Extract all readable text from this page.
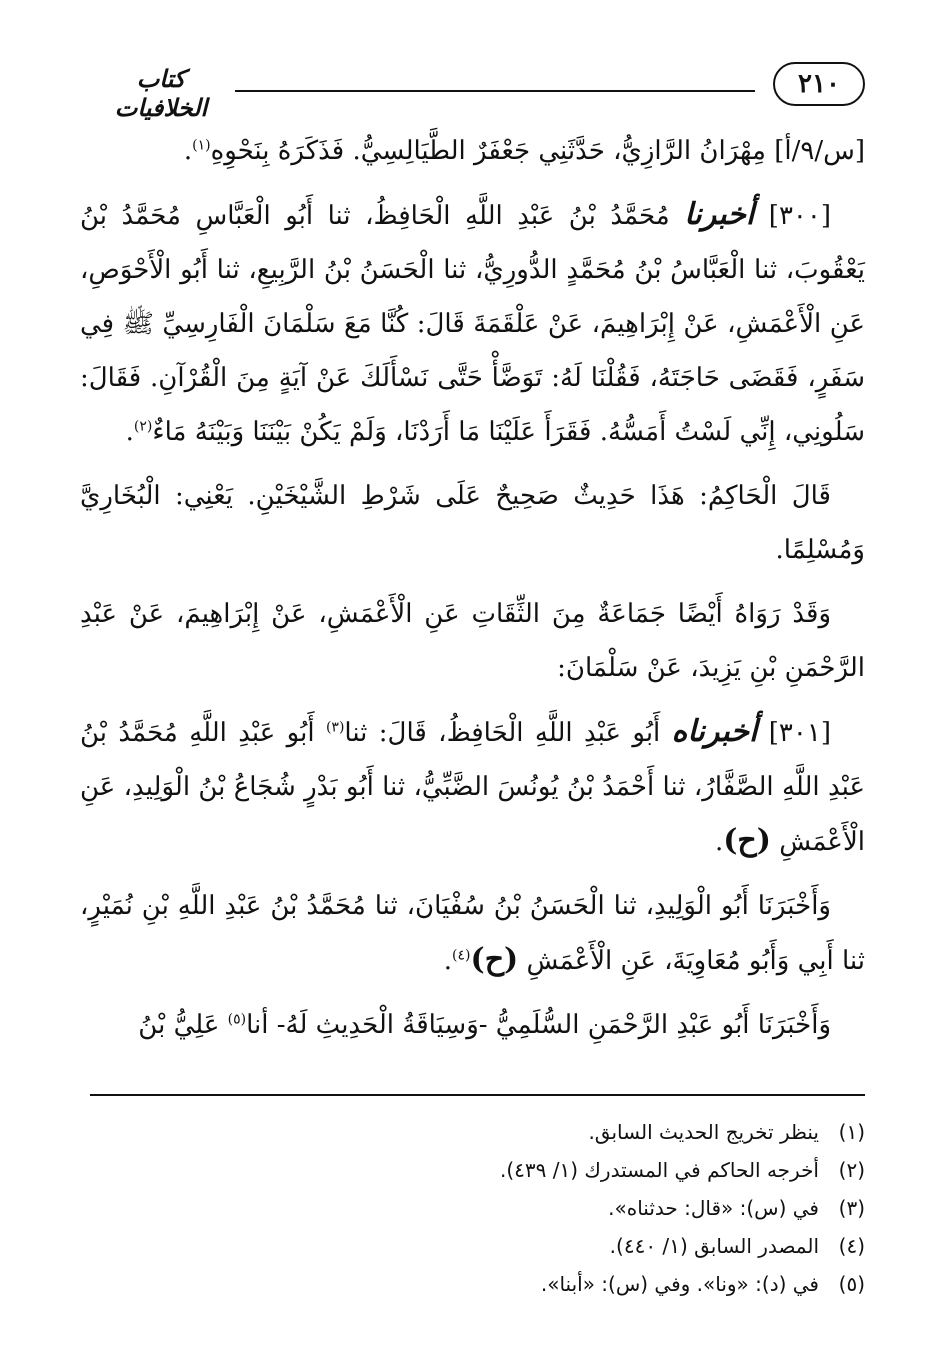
٢١٠
كتاب الخلافيات

[س/٩/أ] مِهْرَانُ الرَّازِيُّ، حَدَّثَنِي جَعْفَرٌ الطَّيَالِسِيُّ. فَذَكَرَهُ بِنَحْوِهِ$^{(١)}$.

[٣٠٠] أخبرنا مُحَمَّدُ بْنُ عَبْدِ اللَّهِ الْحَافِظُ، ثنا أَبُو الْعَبَّاسِ مُحَمَّدُ بْنُ يَعْقُوبَ، ثنا الْعَبَّاسُ بْنُ مُحَمَّدٍ الدُّورِيُّ، ثنا الْحَسَنُ بْنُ الرَّبِيعِ، ثنا أَبُو الْأَحْوَصِ، عَنِ الْأَعْمَشِ، عَنْ إِبْرَاهِيمَ، عَنْ عَلْقَمَةَ قَالَ: كُنَّا مَعَ سَلْمَانَ الْفَارِسِيِّ ﷺ فِي سَفَرٍ، فَقَضَى حَاجَتَهُ، فَقُلْنَا لَهُ: تَوَضَّأْ حَتَّى نَسْأَلَكَ عَنْ آيَةٍ مِنَ الْقُرْآنِ. فَقَالَ: سَلُونِي، إِنِّي لَسْتُ أَمَسُّهُ. فَقَرَأَ عَلَيْنَا مَا أَرَدْنَا، وَلَمْ يَكُنْ بَيْنَنَا وَبَيْنَهُ مَاءٌ$^{(٢)}$.

قَالَ الْحَاكِمُ: هَذَا حَدِيثٌ صَحِيحٌ عَلَى شَرْطِ الشَّيْخَيْنِ. يَعْنِي: الْبُخَارِيَّ وَمُسْلِمًا.

وَقَدْ رَوَاهُ أَيْضًا جَمَاعَةٌ مِنَ الثِّقَاتِ عَنِ الْأَعْمَشِ، عَنْ إِبْرَاهِيمَ، عَنْ عَبْدِ الرَّحْمَنِ بْنِ يَزِيدَ، عَنْ سَلْمَانَ:

[٣٠١] أخبرناه أَبُو عَبْدِ اللَّهِ الْحَافِظُ، قَالَ: ثنا$^{(٣)}$ أَبُو عَبْدِ اللَّهِ مُحَمَّدُ بْنُ عَبْدِ اللَّهِ الصَّفَّارُ، ثنا أَحْمَدُ بْنُ يُونُسَ الضَّبِّيُّ، ثنا أَبُو بَدْرٍ شُجَاعُ بْنُ الْوَلِيدِ، عَنِ الْأَعْمَشِ (ح).

وَأَخْبَرَنَا أَبُو الْوَلِيدِ، ثنا الْحَسَنُ بْنُ سُفْيَانَ، ثنا مُحَمَّدُ بْنُ عَبْدِ اللَّهِ بْنِ نُمَيْرٍ، ثنا أَبِي وَأَبُو مُعَاوِيَةَ، عَنِ الْأَعْمَشِ (ح)$^{(٤)}$.

وَأَخْبَرَنَا أَبُو عَبْدِ الرَّحْمَنِ السُّلَمِيُّ -وَسِيَاقَةُ الْحَدِيثِ لَهُ- أنا$^{(٥)}$ عَلِيُّ بْنُ

(١)
ينظر تخريج الحديث السابق.
(٢)
أخرجه الحاكم في المستدرك (١/ ٤٣٩).
(٣)
في (س): «قال: حدثناه».
(٤)
المصدر السابق (١/ ٤٤٠).
(٥)
في (د): «ونا». وفي (س): «أبنا».
